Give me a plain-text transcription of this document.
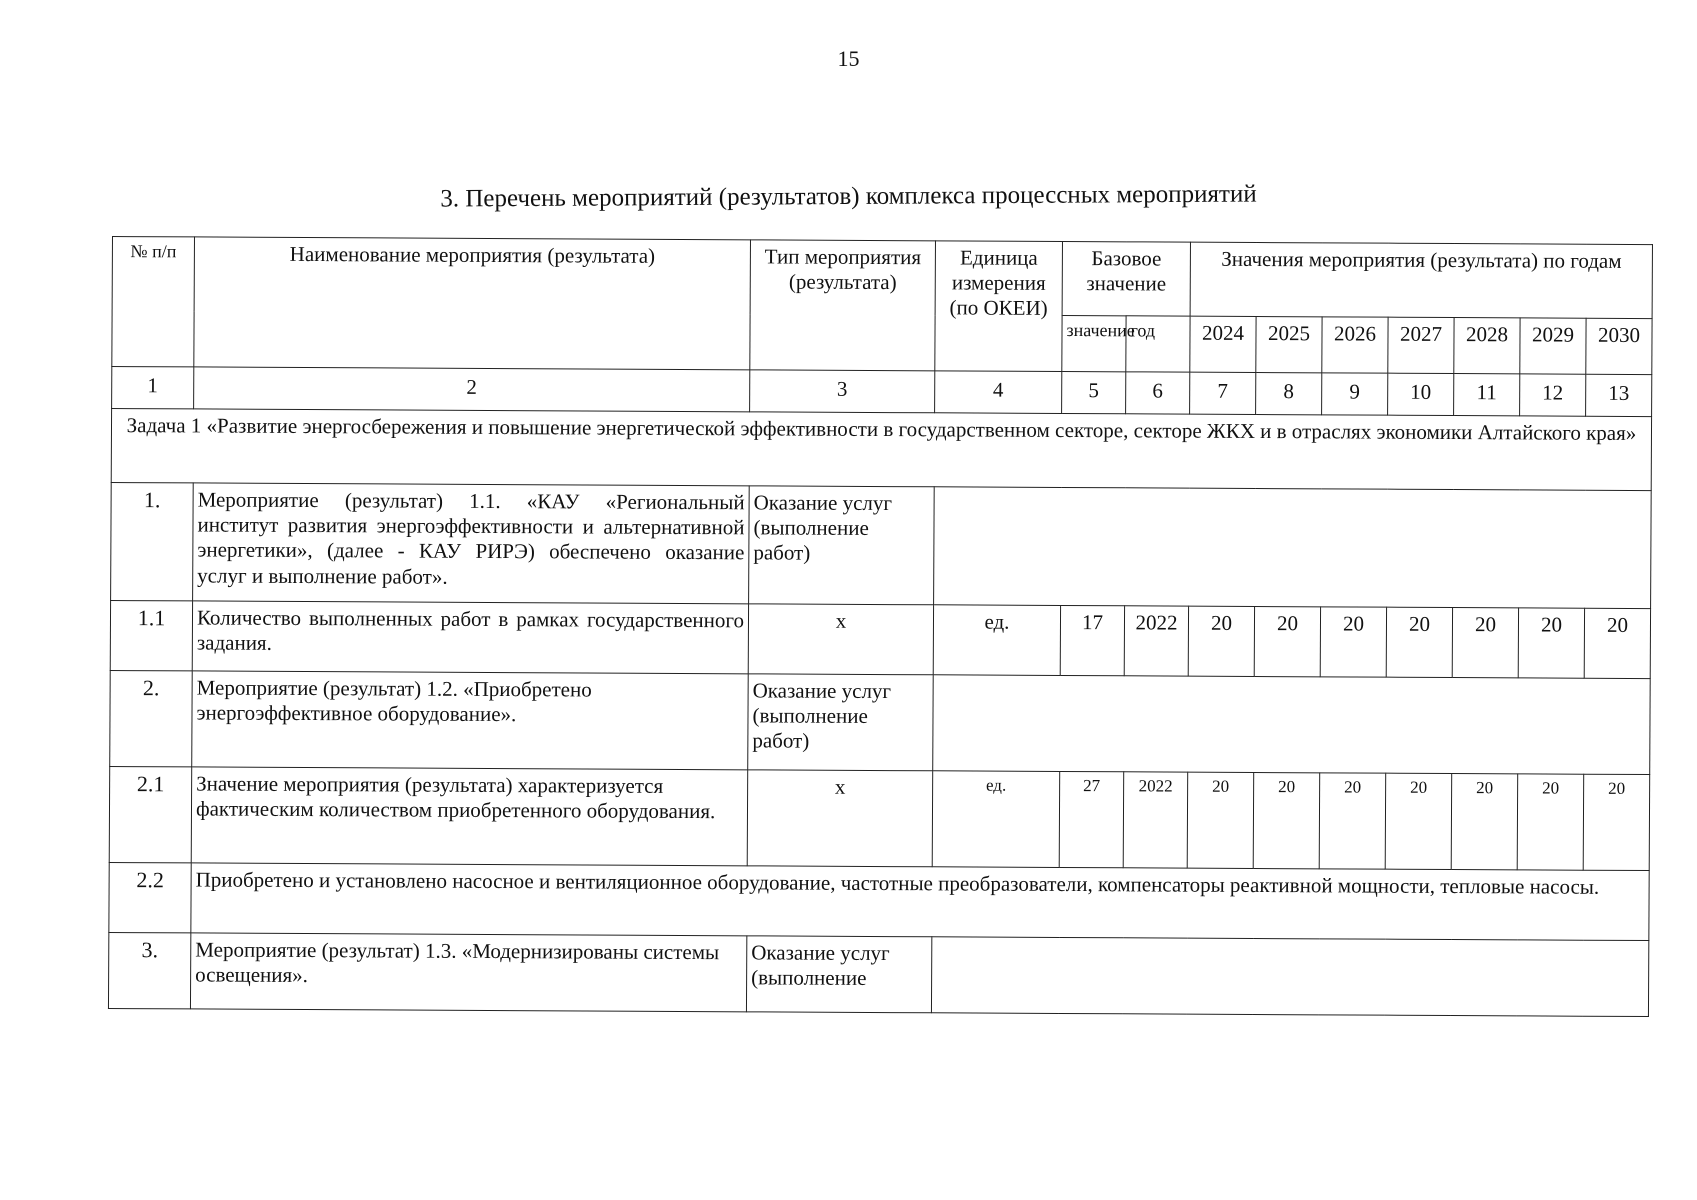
15
3. Перечень мероприятий (результатов) комплекса процессных мероприятий
№ п/п	Наименование мероприятия (результата)	Тип мероприятия (результата)	Единица измерения (по ОКЕИ)	Базовое значение		Значения мероприятия (результата) по годам						
				значение	год	2024	2025	2026	2027	2028	2029	2030
1	2	3	4	5	6	7	8	9	10	11	12	13
Задача 1 «Развитие энергосбережения и повышение энергетической эффективности в государственном секторе, секторе ЖКХ и в отраслях экономики Алтайского края»												
1.	Мероприятие (результат) 1.1. «КАУ «Региональный институт развития энергоэффективности и альтернативной энергетики», (далее - КАУ РИРЭ) обеспечено оказание услуг и выполнение работ».	Оказание услуг (выполнение работ)										
1.1	Количество выполненных работ в рамках государственного задания.	x	ед.	17	2022	20	20	20	20	20	20	20
2.	Мероприятие (результат) 1.2. «Приобретено энергоэффективное оборудование».	Оказание услуг (выполнение работ)										
2.1	Значение мероприятия (результата) характеризуется фактическим количеством приобретенного оборудования.	x	ед.	27	2022	20	20	20	20	20	20	20
2.2	Приобретено и установлено насосное и вентиляционное оборудование, частотные преобразователи, компенсаторы реактивной мощности, тепловые насосы.											
3.	Мероприятие (результат) 1.3. «Модернизированы системы освещения».	Оказание услуг (выполнение										
